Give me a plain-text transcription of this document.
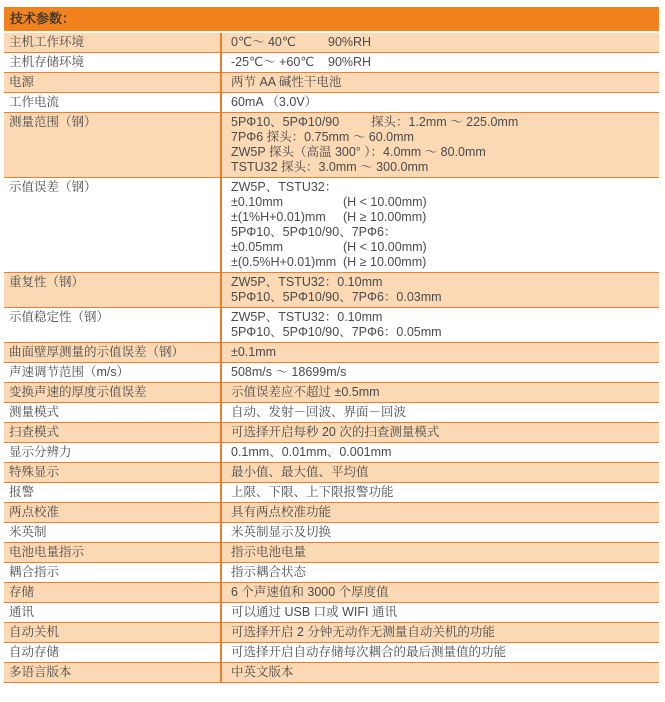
技术参数：
主机工作环境	0℃～ 40℃	90%RH
主机存储环境	-25℃～ +60℃ 90%RH
电源	两节 AA 碱性干电池
工作电流	60mA （3.0V）
测量范围（钢）	5PΦ10、5PΦ10/90	探头：1.2mm ～ 225.0mm
7PΦ6 探头：0.75mm ～ 60.0mm
ZW5P 探头（高温 300° ）：4.0mm ～ 80.0mm
TSTU32 探头：3.0mm ～ 300.0mm
示值误差（钢）	ZW5P、TSTU32：
±0.10mm	(H < 10.00mm)
±(1%H+0.01)mm (H ≥ 10.00mm)
5PΦ10、5PΦ10/90、7PΦ6：
±0.05mm	(H < 10.00mm)
±(0.5%H+0.01)mm (H ≥ 10.00mm)
重复性（钢）	ZW5P、TSTU32：0.10mm
5PΦ10、5PΦ10/90、7PΦ6：0.03mm
示值稳定性（钢）	ZW5P、TSTU32：0.10mm
5PΦ10、5PΦ10/90、7PΦ6：0.05mm
曲面壁厚测量的示值误差（钢）	±0.1mm
声速调节范围（m/s）	508m/s ～ 18699m/s
变换声速的厚度示值误差	示值误差应不超过 ±0.5mm
测量模式	自动、发射－回波、界面－回波
扫查模式	可选择开启每秒 20 次的扫查测量模式
显示分辨力	0.1mm、0.01mm、0.001mm
特殊显示	最小值、最大值、平均值
报警	上限、下限、上下限报警功能
两点校准	具有两点校准功能
米英制	米英制显示及切换
电池电量指示	指示电池电量
耦合指示	指示耦合状态
存储	6 个声速值和 3000 个厚度值
通讯	可以通过 USB 口或 WIFI 通讯
自动关机	可选择开启 2 分钟无动作无测量自动关机的功能
自动存储	可选择开启自动存储每次耦合的最后测量值的功能
多语言版本	中英文版本
